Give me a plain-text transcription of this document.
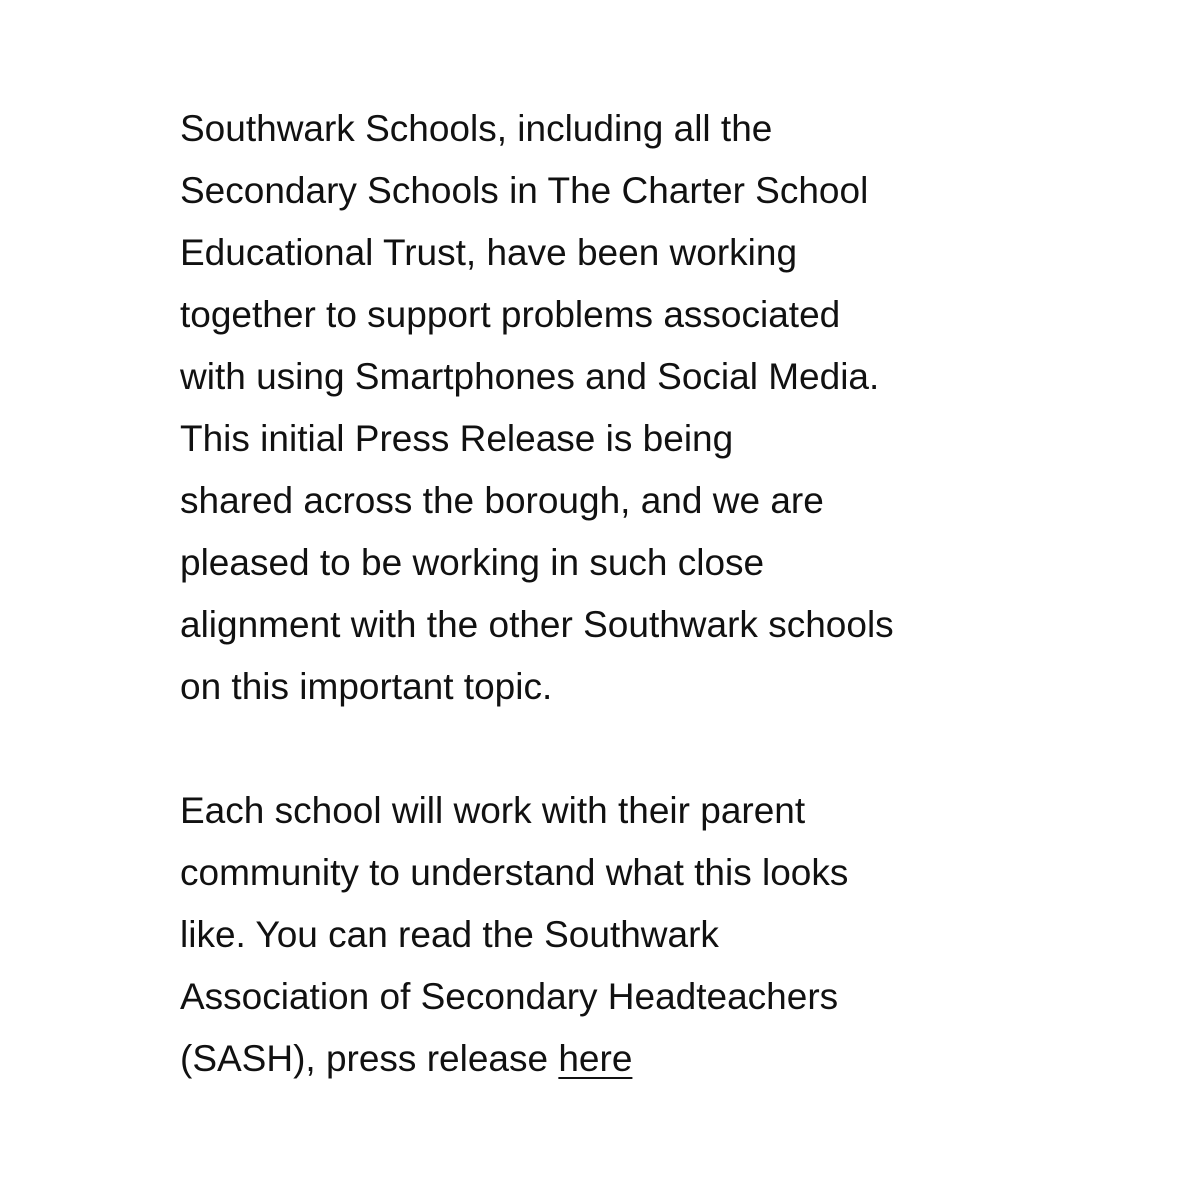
Southwark Schools, including all the
Secondary Schools in The Charter School
Educational Trust, have been working
together to support problems associated
with using Smartphones and Social Media.
This initial Press Release is being
shared across the borough, and we are
pleased to be working in such close
alignment with the other Southwark schools
on this important topic.

Each school will work with their parent
community to understand what this looks
like. You can read the Southwark
Association of Secondary Headteachers
(SASH), press release here
